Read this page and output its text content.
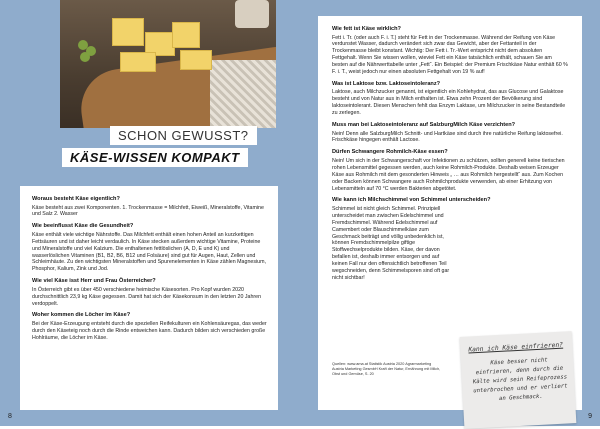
SCHON GEWUSST?
KÄSE-WISSEN KOMPAKT
Woraus besteht Käse eigentlich?

Käse besteht aus zwei Komponenten. 1. Trockenmasse = Milchfett, Eiweiß, Mineralstoffe, Vitamine und Salz 2. Wasser

Wie beeinflusst Käse die Gesundheit?

Käse enthält viele wichtige Nährstoffe. Das Milchfett enthält einen hohen Anteil an kurzkettigen Fettsäuren und ist daher leicht verdaulich. In Käse stecken außerdem wichtige Vitamine, Proteine und Mineralstoffe und viel Kalzium. Die enthaltenen fettlöslichen (A, D, E und K) und wasserlöslichen Vitaminen (B1, B2, B6, B12 und Folsäure) sind gut für Augen, Haut, Zellen und Schleimhäute. Zu den wichtigsten Mineralstoffen und Spurenelementen in Käse zählen Magnesium, Phosphor, Kalium, Zink und Jod.

Wie viel Käse isst Herr und Frau Österreicher?

In Österreich gibt es über 450 verschiedene heimische Käsesorten. Pro Kopf wurden 2020 durchschnittlich 23,9 kg Käse gegessen. Damit hat sich der Käsekonsum in den letzten 20 Jahren verdoppelt.

Woher kommen die Löcher im Käse?

Bei der Käse-Erzeugung entsteht durch die speziellen Reifekulturen ein Kohlensäuregas, das weder durch den Käseteig noch durch die Rinde entweichen kann. Dadurch bilden sich verschieden große Hohlräume, die Löcher im Käse.

8
Wie fett ist Käse wirklich?

Fett i. Tr. (oder auch F. i. T.) steht für Fett in der Trockenmasse. Während der Reifung von Käse verdunstet Wasser, dadurch verändert sich zwar das Gewicht, aber der Fettanteil in der Trockenmasse bleibt konstant. Wichtig: Der Fett i. Tr.-Wert entspricht nicht dem absoluten Fettgehalt. Wenn Sie wissen wollen, wieviel Fett ein Käse tatsächlich enthält, schauen Sie am besten auf die Nährwerttabelle unter „Fett“. Ein Beispiel: der Premium Frischkäse Natur enthält 60 % F. i. T., weist jedoch nur einen absoluten Fettgehalt von 19 % auf!

Was ist Laktose bzw. Laktoseintoleranz?

Laktose, auch Milchzucker genannt, ist eigentlich ein Kohlehydrat, das aus Glucose und Galaktose besteht und von Natur aus in Milch enthalten ist. Etwa zehn Prozent der Bevölkerung sind laktoseintolerant. Diesen Menschen fehlt das Enzym Laktase, um Milchzucker in seine Bestandteile zu zerlegen.

Muss man bei Laktoseintoleranz auf SalzburgMilch Käse verzichten?

Nein! Denn alle SalzburgMilch Schnitt- und Hartkäse sind durch ihre natürliche Reifung laktosefrei. Frischkäse hingegen enthält Lactose.

Dürfen Schwangere Rohmilch-Käse essen?

Nein! Um sich in der Schwangerschaft vor Infektionen zu schützen, sollten generell keine tierischen rohen Lebensmittel gegessen werden, auch keine Rohmilch-Produkte. Deshalb weisen Erzeuger Käse aus Rohmilch mit dem gesonderten Hinweis „ … aus Rohmilch hergestellt“ aus. Zum Kochen oder Backen können Schwangere auch Rohmilchprodukte verwenden, ab einer Erhitzung von Lebensmitteln auf 70 °C werden Bakterien abgetötet.

Wie kann ich Milchschimmel von Schimmel unterscheiden?

Schimmel ist nicht gleich Schimmel. Prinzipiell unterscheidet man zwischen Edelschimmel und Fremdschimmel. Während Edelschimmel auf Camembert oder Blauschimmelkäse zum Geschmack beiträgt und völlig unbedenklich ist, können Fremdschimmelpilze giftige Stoffwechselprodukte bilden. Käse, der davon befallen ist, deshalb immer entsorgen und auf keinen Fall nur den offensichtlich betroffenen Teil wegschneiden, denn Schimmelsporen sind oft gar nicht sichtbar!

Quellen: www.ama.at Statistik Austria 2020 Agrarmarketing Austria Marketing GesmbH Kraft der Natur, Ernährung mit Milch, Obst und Gemüse, S. 20
Kann ich Käse einfrieren?
Käse besser nicht einfrieren, denn durch die Kälte wird sein Reifeprozess unterbrochen und er verliert an Geschmack.
9
